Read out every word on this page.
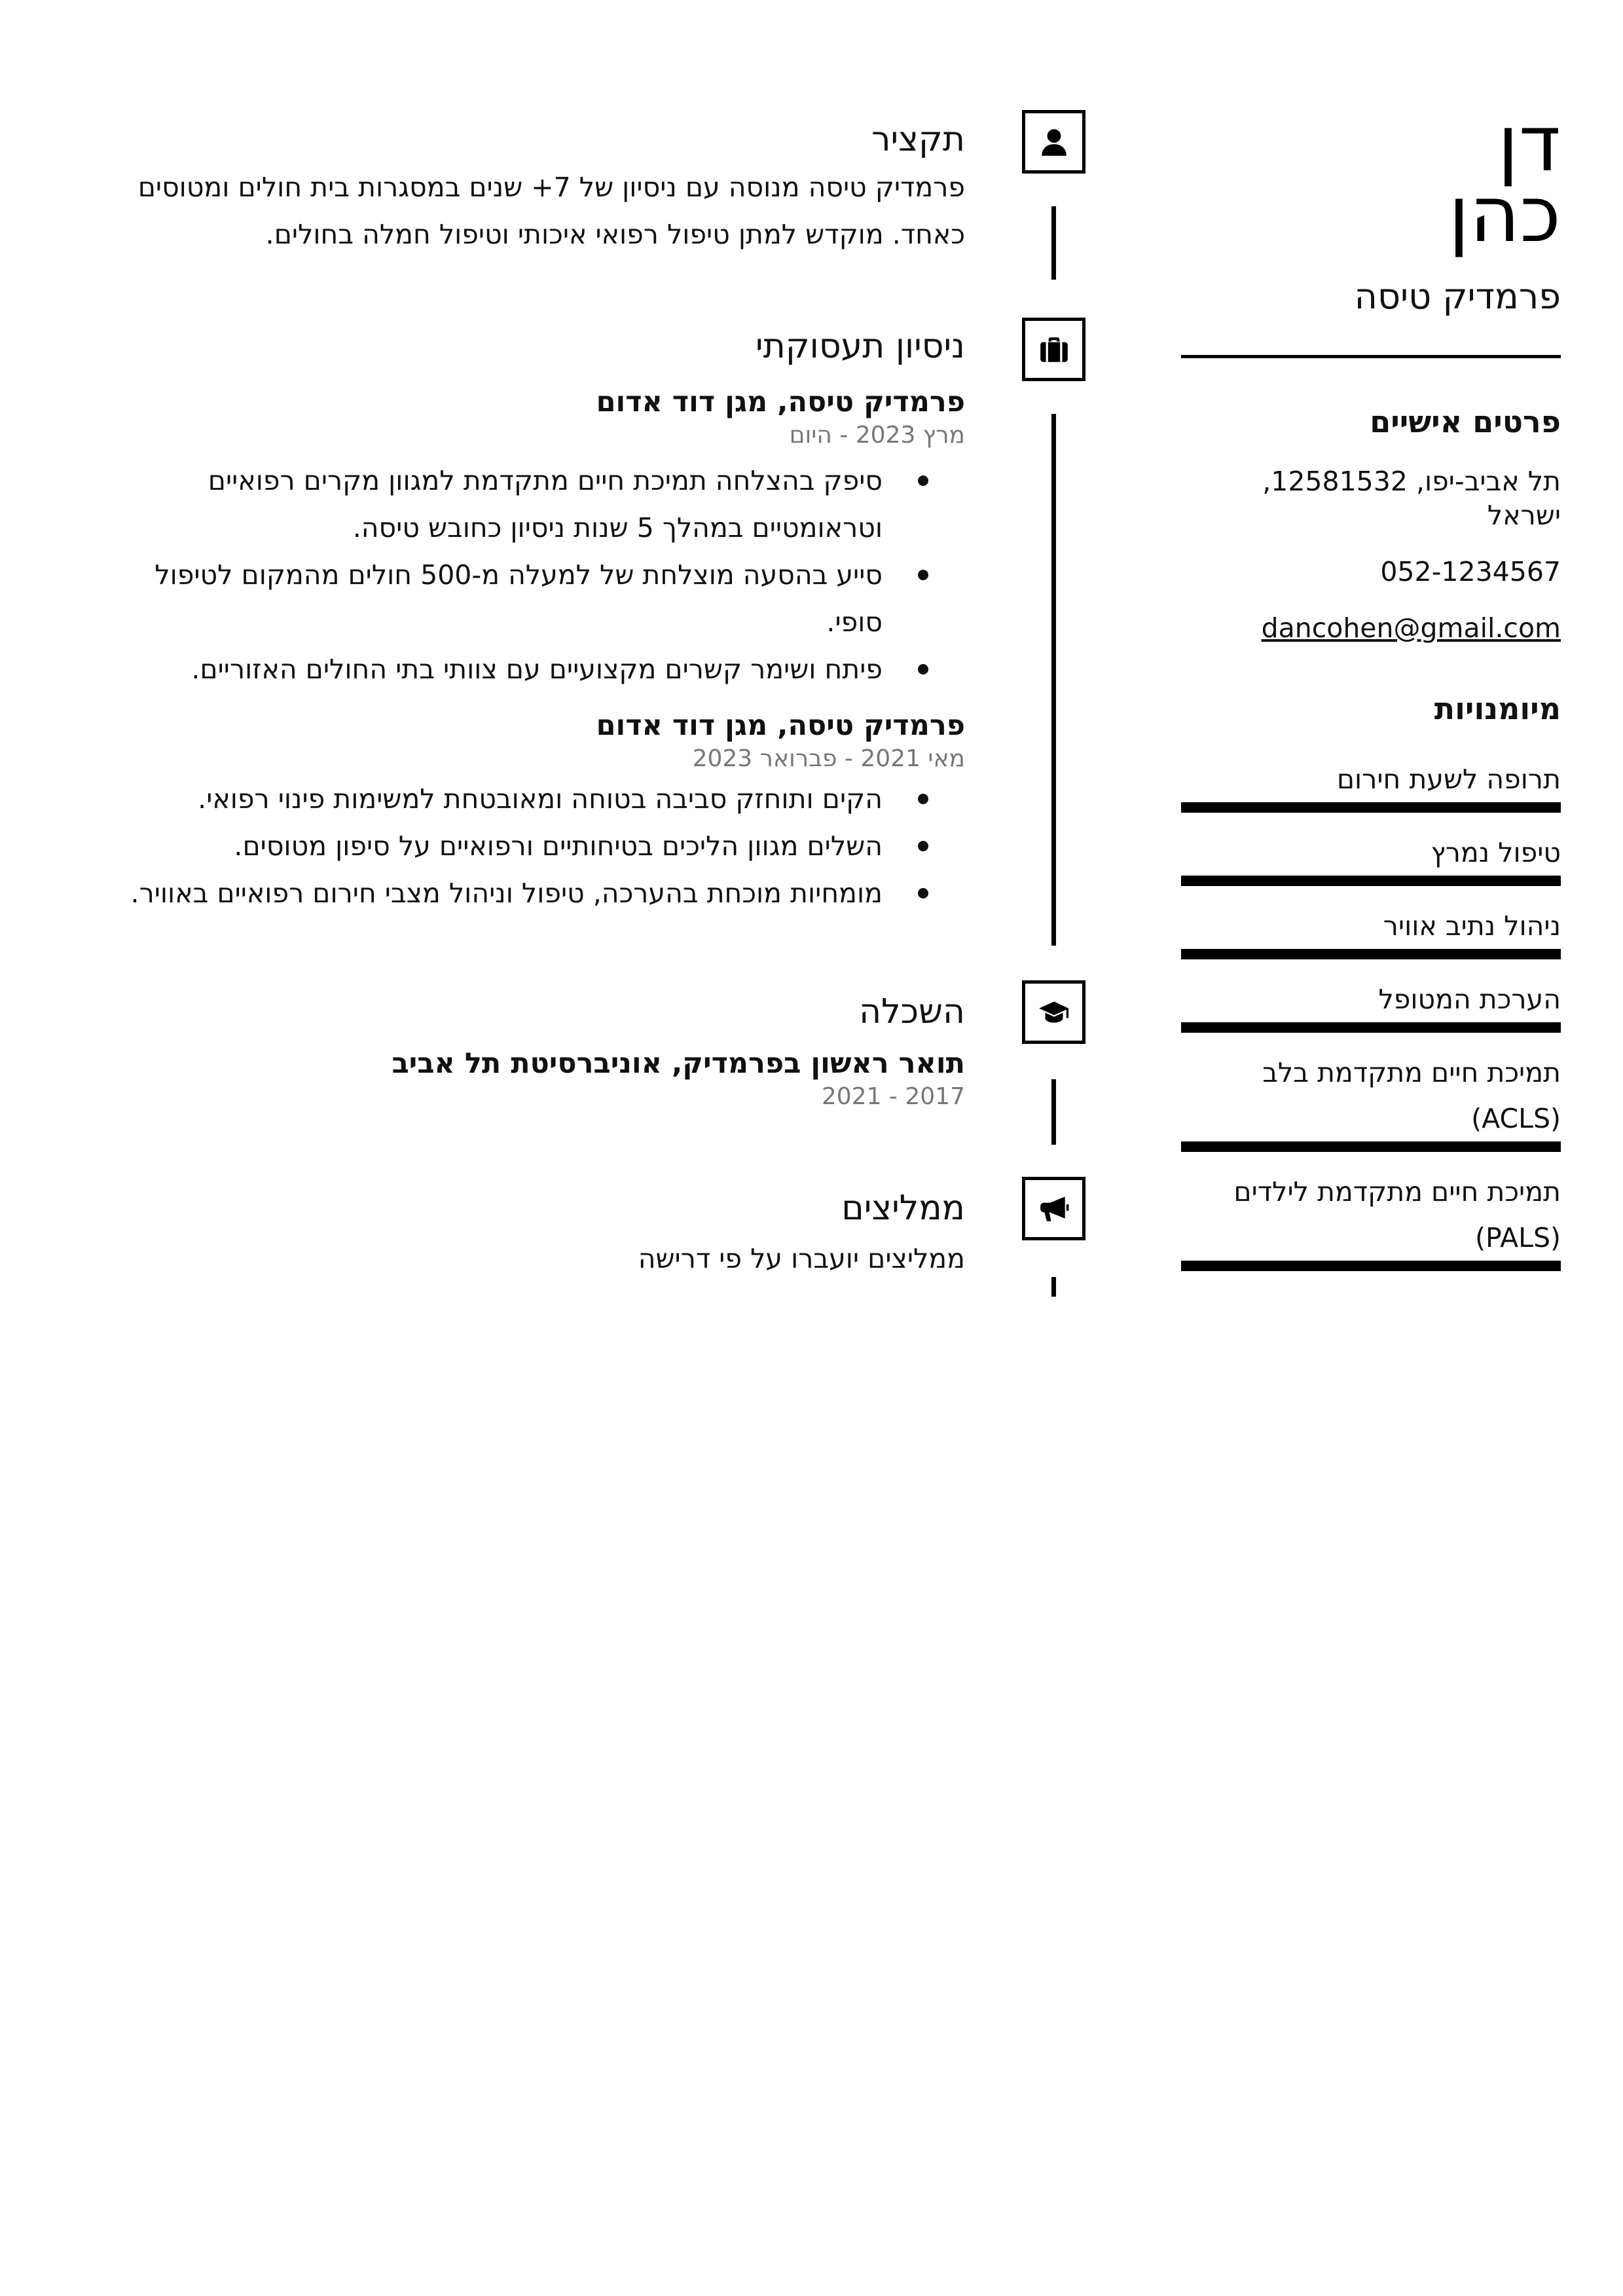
דן
כהן
פרמדיק טיסה
פרטים אישיים
תל אביב-יפו, 12581532, ישראל
052-1234567
dancohen@gmail.com
מיומנויות
תרופה לשעת חירום
טיפול נמרץ
ניהול נתיב אוויר
הערכת המטופל
תמיכת חיים מתקדמת בלב (ACLS)
תמיכת חיים מתקדמת לילדים (PALS)
תקציר

פרמדיק טיסה מנוסה עם ניסיון של 7+ שנים במסגרות בית חולים ומטוסים כאחד. מוקדש למתן טיפול רפואי איכותי וטיפול חמלה בחולים.

ניסיון תעסוקתי
פרמדיק טיסה, מגן דוד אדום
מרץ 2023 - היום
סיפק בהצלחה תמיכת חיים מתקדמת למגוון מקרים רפואיים וטראומטיים במהלך 5 שנות ניסיון כחובש טיסה.
סייע בהסעה מוצלחת של למעלה מ-500 חולים מהמקום לטיפול סופי.
פיתח ושימר קשרים מקצועיים עם צוותי בתי החולים האזוריים.
פרמדיק טיסה, מגן דוד אדום
מאי 2021 - פברואר 2023
הקים ותוחזק סביבה בטוחה ומאובטחת למשימות פינוי רפואי.
השלים מגוון הליכים בטיחותיים ורפואיים על סיפון מטוסים.
מומחיות מוכחת בהערכה, טיפול וניהול מצבי חירום רפואיים באוויר.
השכלה
תואר ראשון בפרמדיק, אוניברסיטת תל אביב
2017 - 2021
ממליצים

ממליצים יועברו על פי דרישה
